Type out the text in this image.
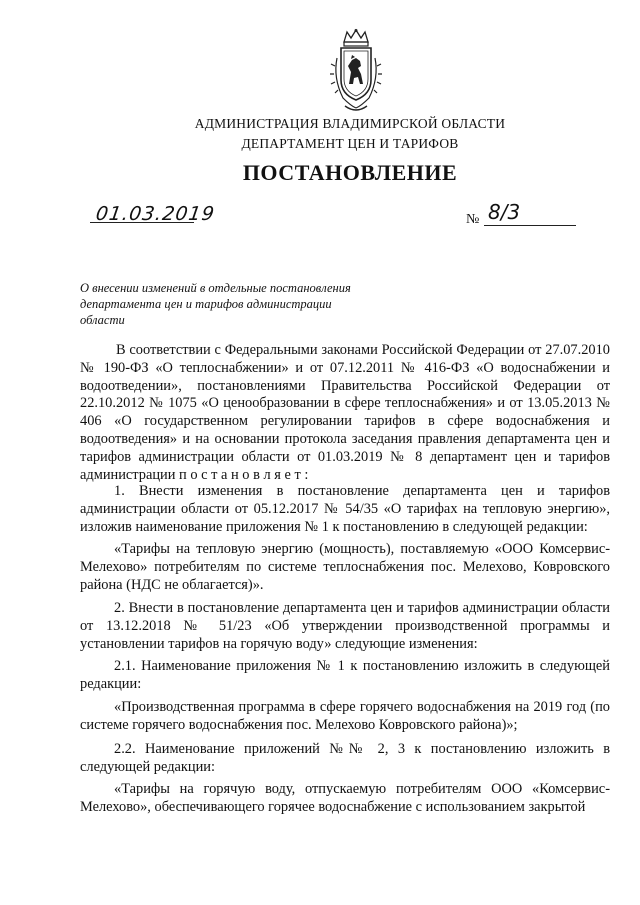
АДМИНИСТРАЦИЯ ВЛАДИМИРСКОЙ ОБЛАСТИ
ДЕПАРТАМЕНТ ЦЕН И ТАРИФОВ
ПОСТАНОВЛЕНИЕ
01.03.2019	№ 8/3
О внесении изменений в отдельные постановления департамента цен и тарифов администрации области
В соответствии с Федеральными законами Российской Федерации от 27.07.2010 № 190-ФЗ «О теплоснабжении» и от 07.12.2011 № 416-ФЗ «О водоснабжении и водоотведении», постановлениями Правительства Российской Федерации от 22.10.2012 № 1075 «О ценообразовании в сфере теплоснабжения» и от 13.05.2013 № 406 «О государственном регулировании тарифов в сфере водоснабжения и водоотведения» и на основании протокола заседания правления департамента цен и тарифов администрации области от 01.03.2019 № 8 департамент цен и тарифов администрации п о с т а н о в л я е т :
1. Внести изменения в постановление департамента цен и тарифов администрации области от 05.12.2017 № 54/35 «О тарифах на тепловую энергию», изложив наименование приложения № 1 к постановлению в следующей редакции:
«Тарифы на тепловую энергию (мощность), поставляемую «ООО Комсервис-Мелехово» потребителям по системе теплоснабжения пос. Мелехово, Ковровского района (НДС не облагается)».
2. Внести в постановление департамента цен и тарифов администрации области от 13.12.2018 № 51/23 «Об утверждении производственной программы и установлении тарифов на горячую воду» следующие изменения:
2.1. Наименование приложения № 1 к постановлению изложить в следующей редакции:
«Производственная программа в сфере горячего водоснабжения на 2019 год (по системе горячего водоснабжения пос. Мелехово Ковровского района)»;
2.2. Наименование приложений №№ 2, 3 к постановлению изложить в следующей редакции:
«Тарифы на горячую воду, отпускаемую потребителям ООО «Комсервис-Мелехово», обеспечивающего горячее водоснабжение с использованием закрытой
